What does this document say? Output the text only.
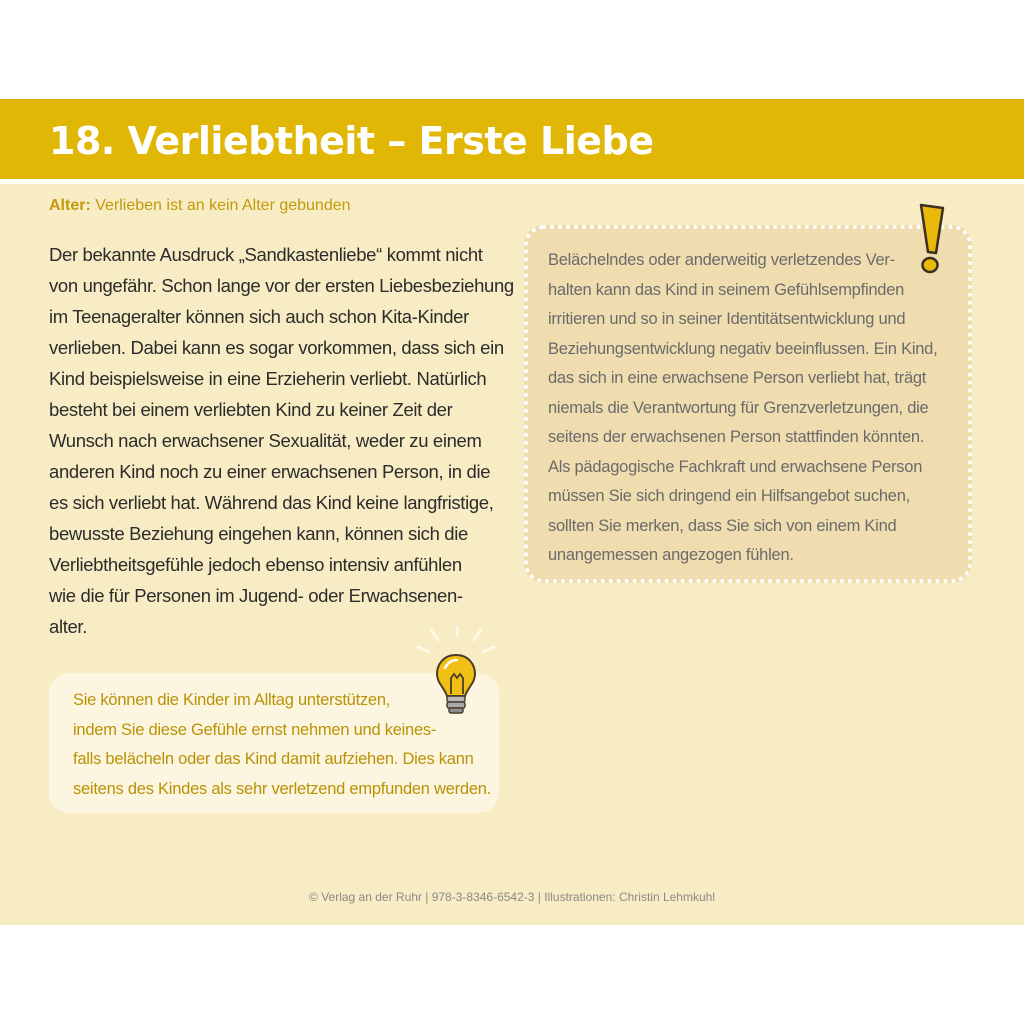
18. Verliebtheit – Erste Liebe
Alter: Verlieben ist an kein Alter gebunden

Der bekannte Ausdruck „Sandkastenliebe“ kommt nicht
von ungefähr. Schon lange vor der ersten Liebesbeziehung
im Teenageralter können sich auch schon Kita-Kinder
verlieben. Dabei kann es sogar vorkommen, dass sich ein
Kind beispielsweise in eine Erzieherin verliebt. Natürlich
besteht bei einem verliebten Kind zu keiner Zeit der
Wunsch nach erwachsener Sexualität, weder zu einem
anderen Kind noch zu einer erwachsenen Person, in die
es sich verliebt hat. Während das Kind keine langfristige,
bewusste Beziehung eingehen kann, können sich die
Verliebtheitsgefühle jedoch ebenso intensiv anfühlen
wie die für Personen im Jugend- oder Erwachsenen-
alter.

Sie können die Kinder im Alltag unterstützen,
indem Sie diese Gefühle ernst nehmen und keines-
falls belächeln oder das Kind damit aufziehen. Dies kann
seitens des Kindes als sehr verletzend empfunden werden.

Belächelndes oder anderweitig verletzendes Ver-
halten kann das Kind in seinem Gefühlsempfinden
irritieren und so in seiner Identitätsentwicklung und
Beziehungsentwicklung negativ beeinflussen. Ein Kind,
das sich in eine erwachsene Person verliebt hat, trägt
niemals die Verantwortung für Grenzverletzungen, die
seitens der erwachsenen Person stattfinden könnten.
Als pädagogische Fachkraft und erwachsene Person
müssen Sie sich dringend ein Hilfsangebot suchen,
sollten Sie merken, dass Sie sich von einem Kind
unangemessen angezogen fühlen.

© Verlag an der Ruhr | 978-3-8346-6542-3 | Illustrationen: Christin Lehmkuhl
